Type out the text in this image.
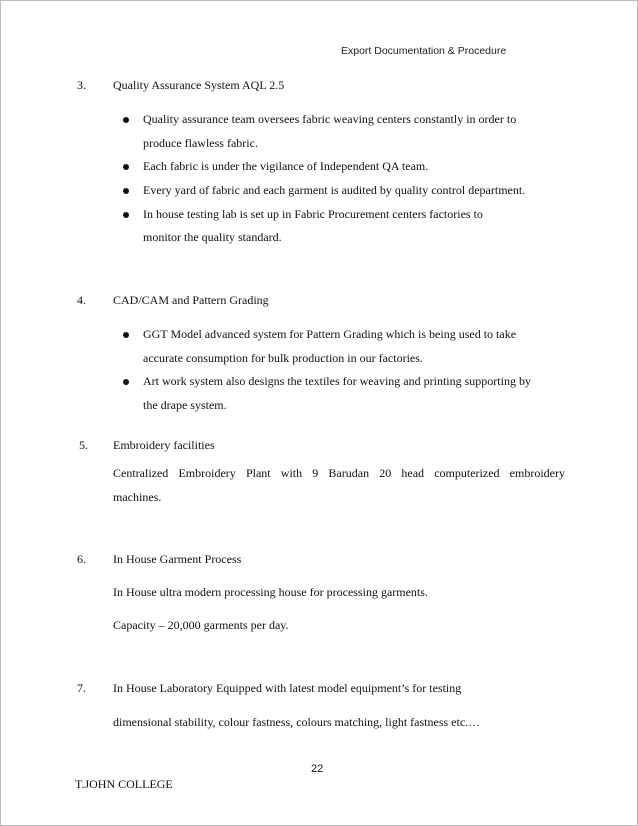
Export Documentation & Procedure
3. Quality Assurance System AQL 2.5
Quality assurance team oversees fabric weaving centers constantly in order to
produce flawless fabric.
Each fabric is under the vigilance of Independent QA team.
Every yard of fabric and each garment is audited by quality control department.
In house testing lab is set up in Fabric Procurement centers factories to
monitor the quality standard.
4. CAD/CAM and Pattern Grading
GGT Model advanced system for Pattern Grading which is being used to take
accurate consumption for bulk production in our factories.
Art work system also designs the textiles for weaving and printing supporting by
the drape system.
5. Embroidery facilities
Centralized Embroidery Plant with 9 Barudan 20 head computerized embroidery
machines.
6. In House Garment Process
In House ultra modern processing house for processing garments.
Capacity – 20,000 garments per day.
7. In House Laboratory Equipped with latest model equipment’s for testing
dimensional stability, colour fastness, colours matching, light fastness etc.…
22
T.JOHN COLLEGE
